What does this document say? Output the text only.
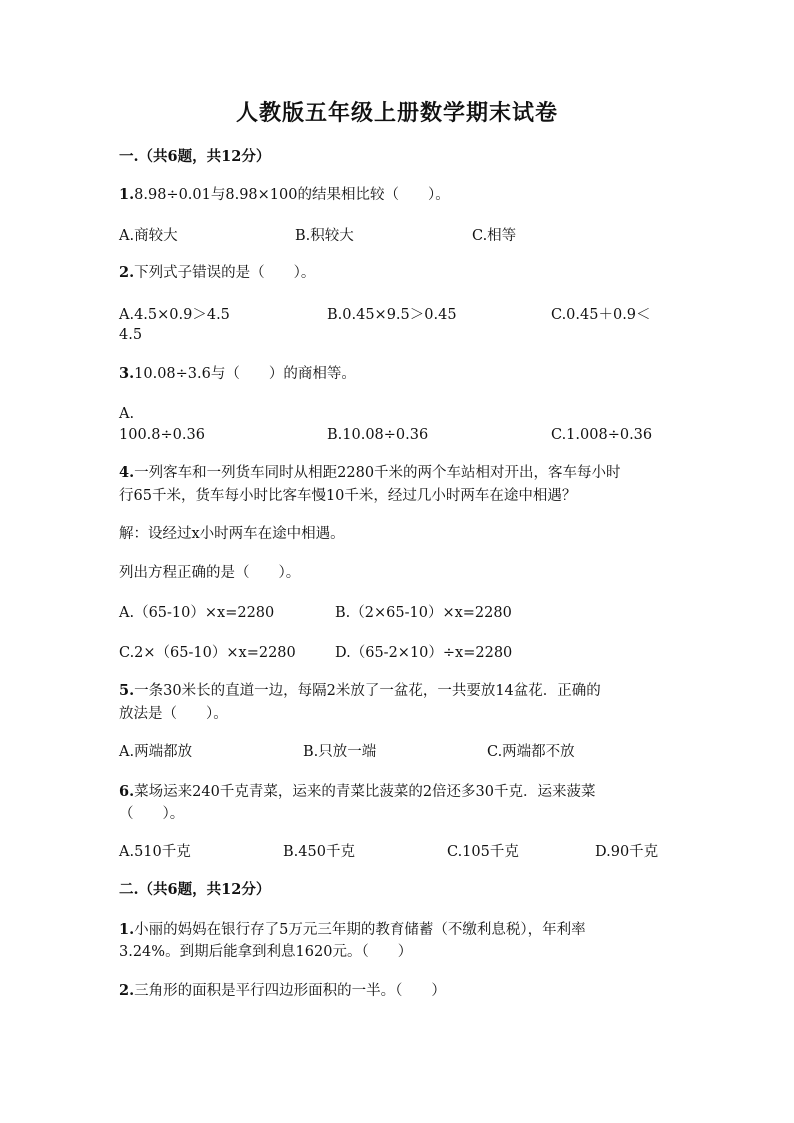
人教版五年级上册数学期末试卷
一.（共6题，共12分）
1.8.98÷0.01与8.98×100的结果相比较（　　）。
A.商较大	B.积较大	C.相等
2.下列式子错误的是（　　）。
A.4.5×0.9＞4.5	B.0.45×9.5＞0.45	C.0.45＋0.9＜
4.5
3.10.08÷3.6与（　　）的商相等。
A.
100.8÷0.36	B.10.08÷0.36	C.1.008÷0.36
4.一列客车和一列货车同时从相距2280千米的两个车站相对开出，客车每小时
行65千米，货车每小时比客车慢10千米，经过几小时两车在途中相遇？
解：设经过x小时两车在途中相遇。
列出方程正确的是（　　）。
A.（65-10）×x=2280	B.（2×65-10）×x=2280
C.2×（65-10）×x=2280	D.（65-2×10）÷x=2280
5.一条30米长的直道一边，每隔2米放了一盆花，一共要放14盆花．正确的
放法是（　　）。
A.两端都放	B.只放一端	C.两端都不放
6.菜场运来240千克青菜，运来的青菜比菠菜的2倍还多30千克．运来菠菜
（　　）。
A.510千克	B.450千克	C.105千克	D.90千克
二.（共6题，共12分）
1.小丽的妈妈在银行存了5万元三年期的教育储蓄（不缴利息税），年利率
3.24%。到期后能拿到利息1620元。（　　）
2.三角形的面积是平行四边形面积的一半。（　　）
